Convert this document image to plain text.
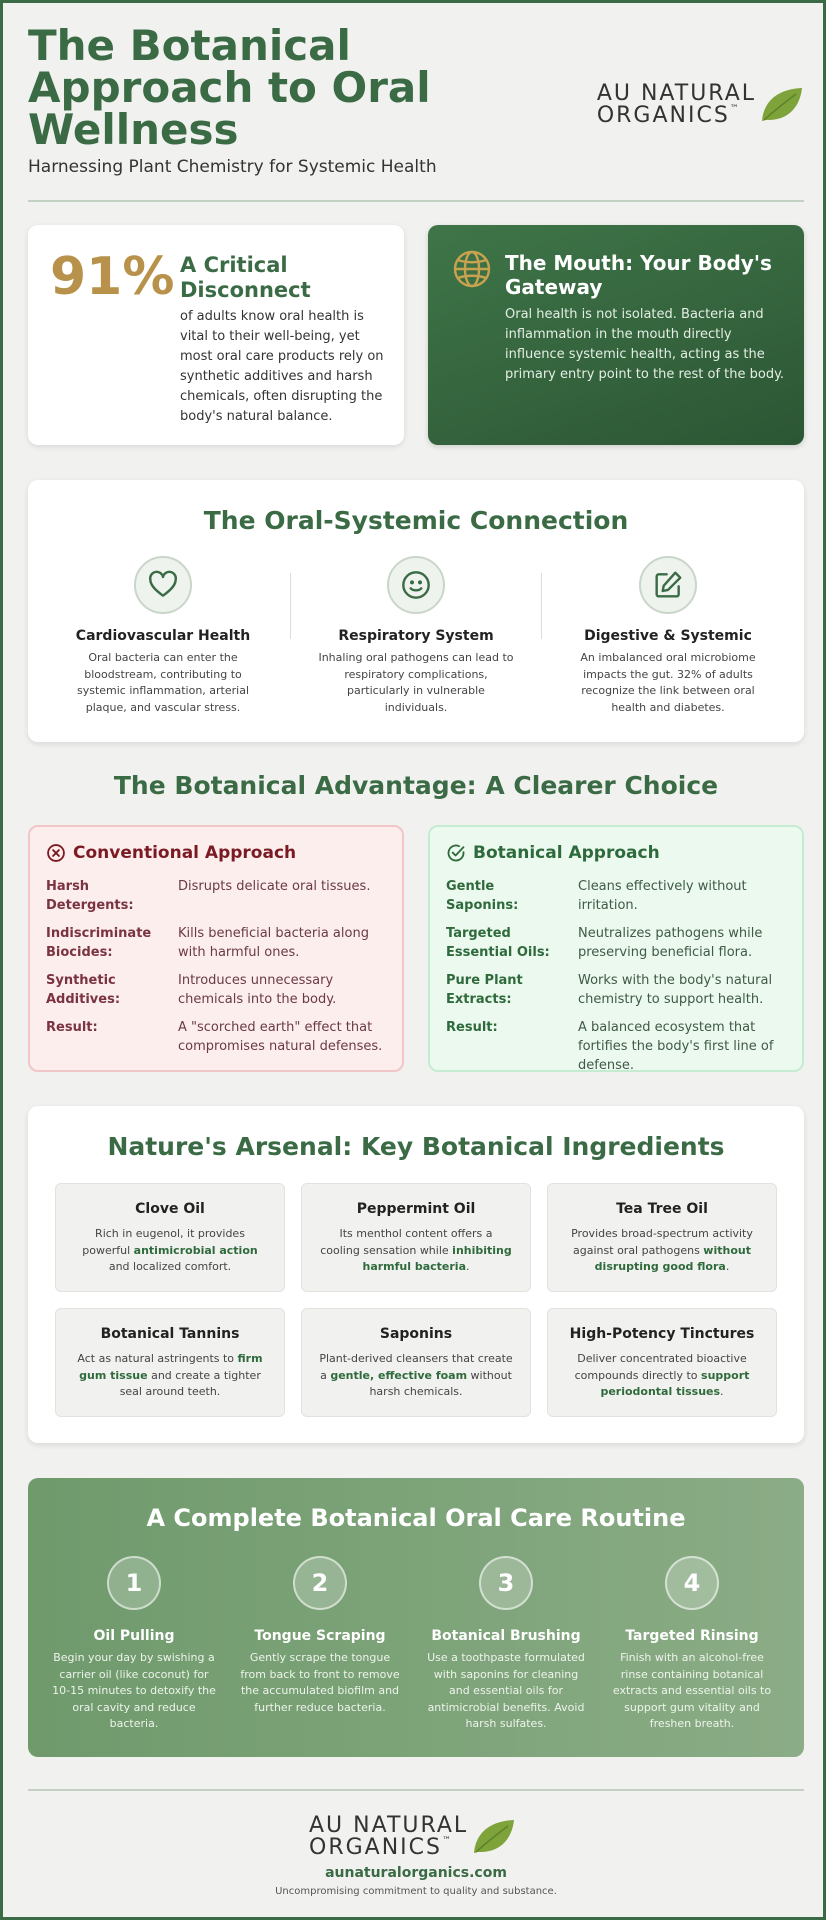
The Botanical Approach to Oral Wellness
Harnessing Plant Chemistry for Systemic Health
AU NATURAL
ORGANICS™
91% A Critical Disconnect
of adults know oral health is vital to their well-being, yet most oral care products rely on synthetic additives and harsh chemicals, often disrupting the body's natural balance.
The Mouth: Your Body's Gateway
Oral health is not isolated. Bacteria and inflammation in the mouth directly influence systemic health, acting as the primary entry point to the rest of the body.
The Oral-Systemic Connection
Cardiovascular Health
Oral bacteria can enter the bloodstream, contributing to systemic inflammation, arterial plaque, and vascular stress.
Respiratory System
Inhaling oral pathogens can lead to respiratory complications, particularly in vulnerable individuals.
Digestive & Systemic
An imbalanced oral microbiome impacts the gut. 32% of adults recognize the link between oral health and diabetes.
The Botanical Advantage: A Clearer Choice
Conventional Approach
Harsh Detergents:
Disrupts delicate oral tissues.
Indiscriminate Biocides:
Kills beneficial bacteria along with harmful ones.
Synthetic Additives:
Introduces unnecessary chemicals into the body.
Result:	A "scorched earth" effect that compromises natural defenses.
Botanical Approach
Gentle Saponins:
Cleans effectively without irritation.
Targeted Essential Oils:
Neutralizes pathogens while preserving beneficial flora.
Pure Plant Extracts:
Works with the body's natural chemistry to support health.
Result:	A balanced ecosystem that fortifies the body's first line of defense.
Nature's Arsenal: Key Botanical Ingredients
Clove Oil
Rich in eugenol, it provides powerful antimicrobial action and localized comfort.
Peppermint Oil
Its menthol content offers a cooling sensation while inhibiting harmful bacteria.
Tea Tree Oil
Provides broad-spectrum activity against oral pathogens without disrupting good flora.
Botanical Tannins
Act as natural astringents to firm gum tissue and create a tighter seal around teeth.
Saponins
Plant-derived cleansers that create a gentle, effective foam without harsh chemicals.
High-Potency Tinctures
Deliver concentrated bioactive compounds directly to support periodontal tissues.
A Complete Botanical Oral Care Routine
1
Oil Pulling
Begin your day by swishing a carrier oil (like coconut) for 10-15 minutes to detoxify the oral cavity and reduce bacteria.
2
Tongue Scraping
Gently scrape the tongue from back to front to remove the accumulated biofilm and further reduce bacteria.
3
Botanical Brushing
Use a toothpaste formulated with saponins for cleaning and essential oils for antimicrobial benefits. Avoid harsh sulfates.
4
Targeted Rinsing
Finish with an alcohol-free rinse containing botanical extracts and essential oils to support gum vitality and freshen breath.
AU NATURAL
ORGANICS™
aunaturalorganics.com
Uncompromising commitment to quality and substance.
